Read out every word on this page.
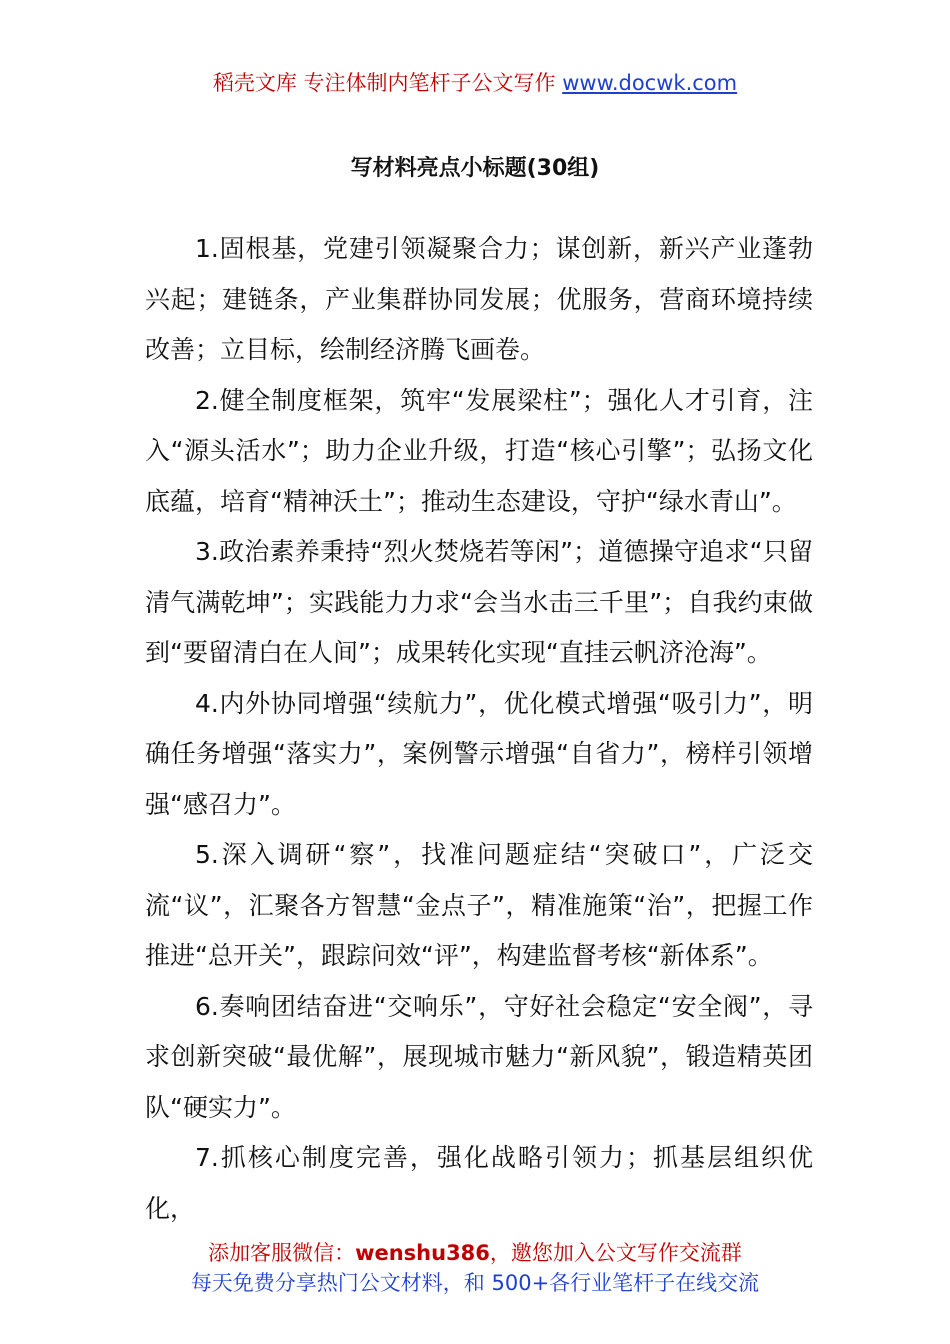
稻壳文库 专注体制内笔杆子公文写作 www.docwk.com
写材料亮点小标题(30组)

1.固根基，党建引领凝聚合力；谋创新，新兴产业蓬勃兴起；建链条，产业集群协同发展；优服务，营商环境持续改善；立目标，绘制经济腾飞画卷。

2.健全制度框架，筑牢“发展梁柱”；强化人才引育，注入“源头活水”；助力企业升级，打造“核心引擎”；弘扬文化底蕴，培育“精神沃土”；推动生态建设，守护“绿水青山”。

3.政治素养秉持“烈火焚烧若等闲”；道德操守追求“只留清气满乾坤”；实践能力力求“会当水击三千里”；自我约束做到“要留清白在人间”；成果转化实现“直挂云帆济沧海”。

4.内外协同增强“续航力”，优化模式增强“吸引力”，明确任务增强“落实力”，案例警示增强“自省力”，榜样引领增强“感召力”。

5.深入调研“察”，找准问题症结“突破口”，广泛交流“议”，汇聚各方智慧“金点子”，精准施策“治”，把握工作推进“总开关”，跟踪问效“评”，构建监督考核“新体系”。

6.奏响团结奋进“交响乐”，守好社会稳定“安全阀”，寻求创新突破“最优解”，展现城市魅力“新风貌”，锻造精英团队“硬实力”。

7.抓核心制度完善，强化战略引领力；抓基层组织优化，

添加客服微信：wenshu386，邀您加入公文写作交流群
每天免费分享热门公文材料，和 500+各行业笔杆子在线交流
